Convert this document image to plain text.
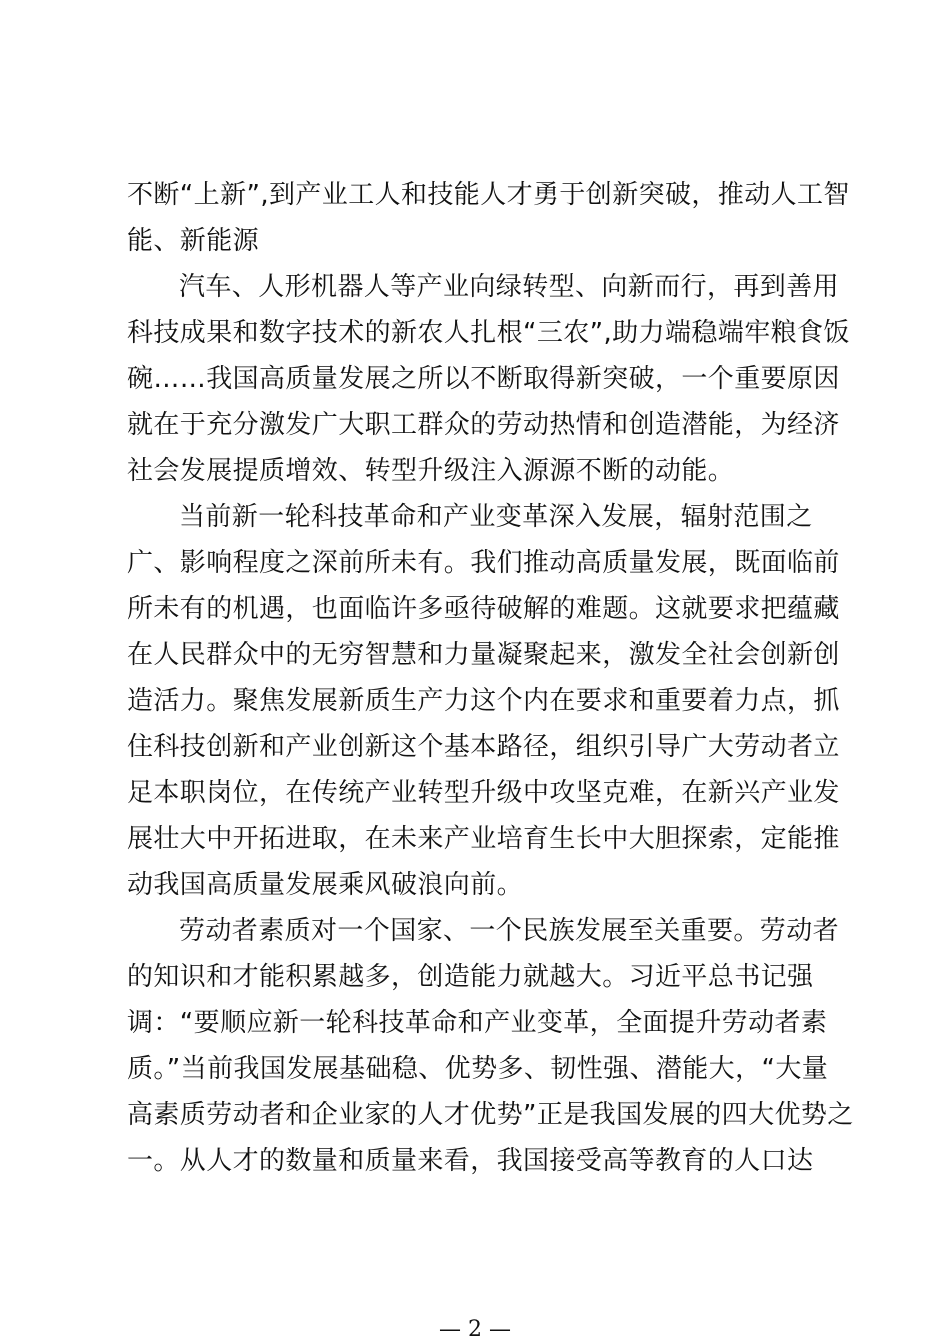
不断“上新”,到产业工人和技能人才勇于创新突破，推动人工智
能、新能源
汽车、人形机器人等产业向绿转型、向新而行，再到善用
科技成果和数字技术的新农人扎根“三农”,助力端稳端牢粮食饭
碗……我国高质量发展之所以不断取得新突破，一个重要原因
就在于充分激发广大职工群众的劳动热情和创造潜能，为经济
社会发展提质增效、转型升级注入源源不断的动能。
当前新一轮科技革命和产业变革深入发展，辐射范围之
广、影响程度之深前所未有。我们推动高质量发展，既面临前
所未有的机遇，也面临许多亟待破解的难题。这就要求把蕴藏
在人民群众中的无穷智慧和力量凝聚起来，激发全社会创新创
造活力。聚焦发展新质生产力这个内在要求和重要着力点，抓
住科技创新和产业创新这个基本路径，组织引导广大劳动者立
足本职岗位，在传统产业转型升级中攻坚克难，在新兴产业发
展壮大中开拓进取，在未来产业培育生长中大胆探索，定能推
动我国高质量发展乘风破浪向前。
劳动者素质对一个国家、一个民族发展至关重要。劳动者
的知识和才能积累越多，创造能力就越大。习近平总书记强
调：“要顺应新一轮科技革命和产业变革，全面提升劳动者素
质。”当前我国发展基础稳、优势多、韧性强、潜能大，“大量
高素质劳动者和企业家的人才优势”正是我国发展的四大优势之
一。从人才的数量和质量来看，我国接受高等教育的人口达
— 2 —
